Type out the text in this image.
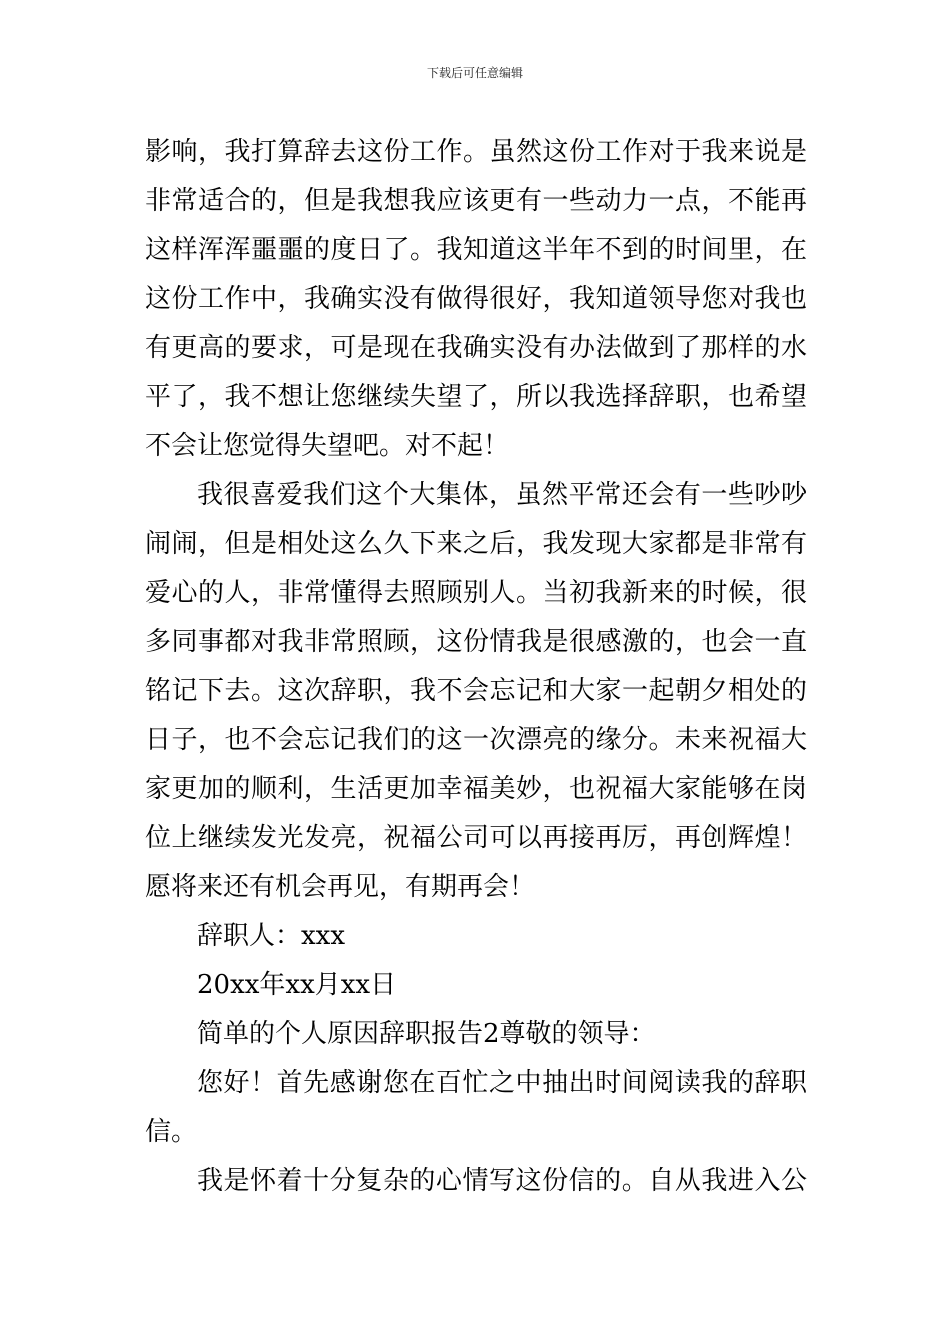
下载后可任意编辑
影响，我打算辞去这份工作。虽然这份工作对于我来说是
非常适合的，但是我想我应该更有一些动力一点，不能再
这样浑浑噩噩的度日了。我知道这半年不到的时间里，在
这份工作中，我确实没有做得很好，我知道领导您对我也
有更高的要求，可是现在我确实没有办法做到了那样的水
平了，我不想让您继续失望了，所以我选择辞职，也希望
不会让您觉得失望吧。对不起！
我很喜爱我们这个大集体，虽然平常还会有一些吵吵
闹闹，但是相处这么久下来之后，我发现大家都是非常有
爱心的人，非常懂得去照顾别人。当初我新来的时候，很
多同事都对我非常照顾，这份情我是很感激的，也会一直
铭记下去。这次辞职，我不会忘记和大家一起朝夕相处的
日子，也不会忘记我们的这一次漂亮的缘分。未来祝福大
家更加的顺利，生活更加幸福美妙，也祝福大家能够在岗
位上继续发光发亮，祝福公司可以再接再厉，再创辉煌！
愿将来还有机会再见，有期再会！
辞职人：xxx
20xx年xx月xx日
简单的个人原因辞职报告2尊敬的领导：
您好！首先感谢您在百忙之中抽出时间阅读我的辞职
信。
我是怀着十分复杂的心情写这份信的。自从我进入公
